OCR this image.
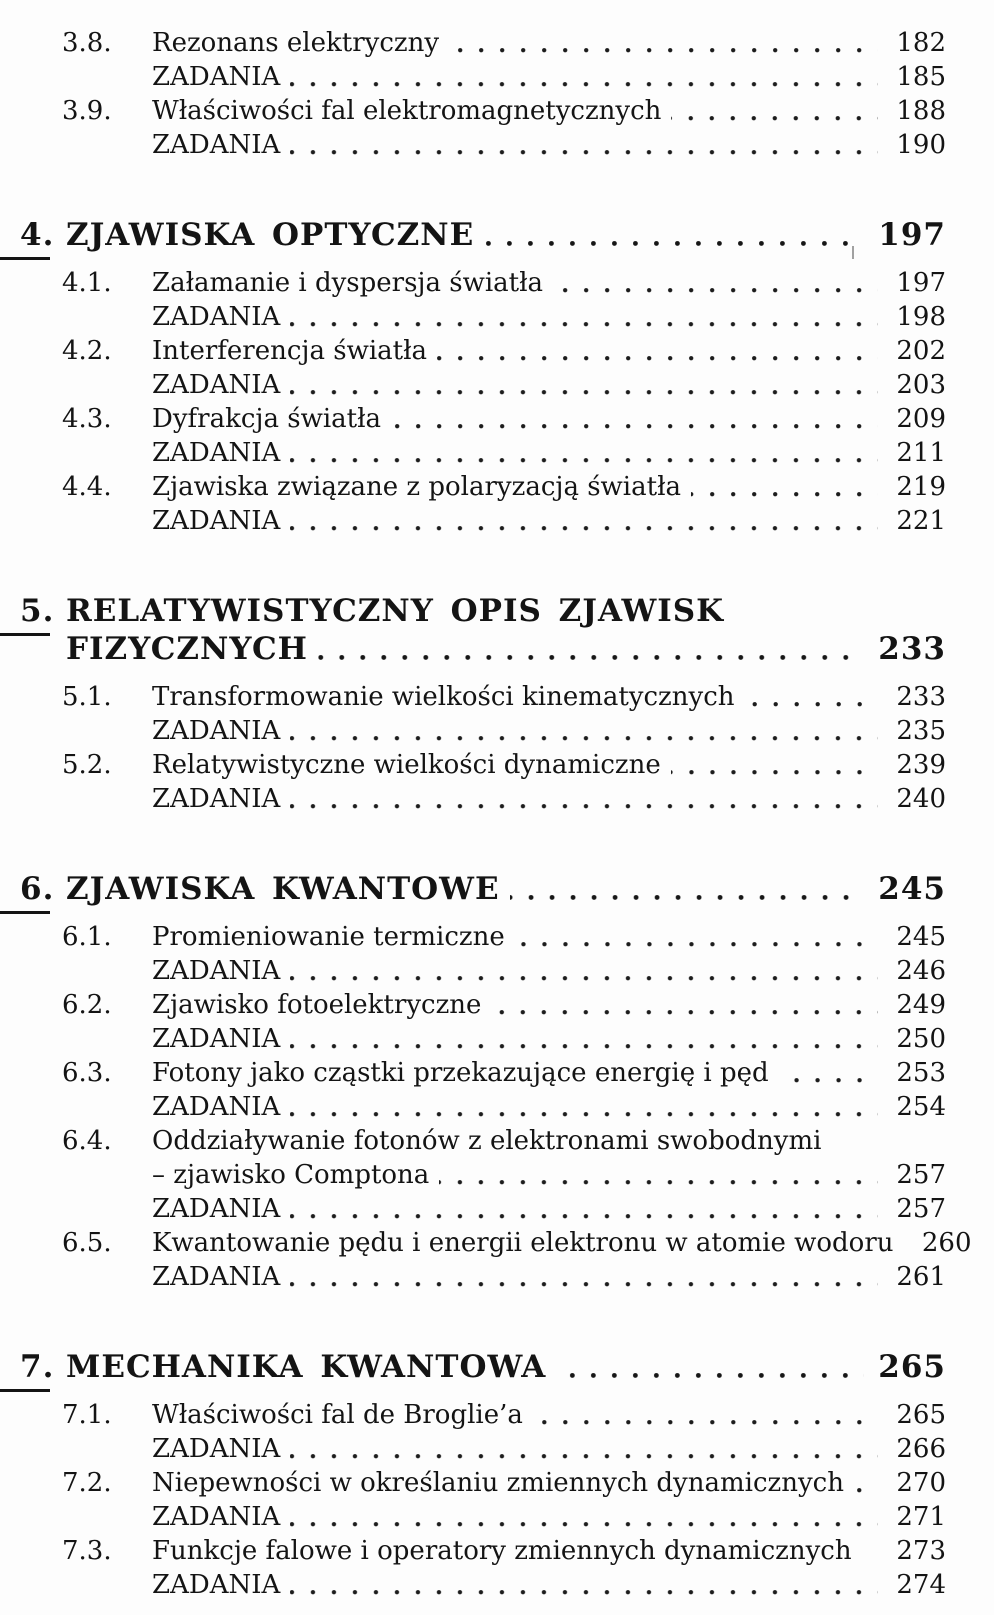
3.8.	Rezonans elektryczny	182
ZADANIA	185
3.9.	Właściwości fal elektromagnetycznych	188
ZADANIA	190
4. ZJAWISKA OPTYCZNE	197
4.1.	Załamanie i dyspersja światła	197
ZADANIA	198
4.2.	Interferencja światła	202
ZADANIA	203
4.3.	Dyfrakcja światła	209
ZADANIA	211
4.4.	Zjawiska związane z polaryzacją światła	219
ZADANIA	221
5. RELATYWISTYCZNY OPIS ZJAWISK
FIZYCZNYCH	233
5.1.	Transformowanie wielkości kinematycznych	233
ZADANIA	235
5.2.	Relatywistyczne wielkości dynamiczne	239
ZADANIA	240
6. ZJAWISKA KWANTOWE	245
6.1.	Promieniowanie termiczne	245
ZADANIA	246
6.2.	Zjawisko fotoelektryczne	249
ZADANIA	250
6.3.	Fotony jako cząstki przekazujące energię i pęd	253
ZADANIA	254
6.4.	Oddziaływanie fotonów z elektronami swobodnymi
– zjawisko Comptona	257
ZADANIA	257
6.5.	Kwantowanie pędu i energii elektronu w atomie wodoru	260
ZADANIA	261
7. MECHANIKA KWANTOWA	265
7.1.	Właściwości fal de Broglie’a	265
ZADANIA	266
7.2.	Niepewności w określaniu zmiennych dynamicznych	270
ZADANIA	271
7.3.	Funkcje falowe i operatory zmiennych dynamicznych	273
ZADANIA	274
